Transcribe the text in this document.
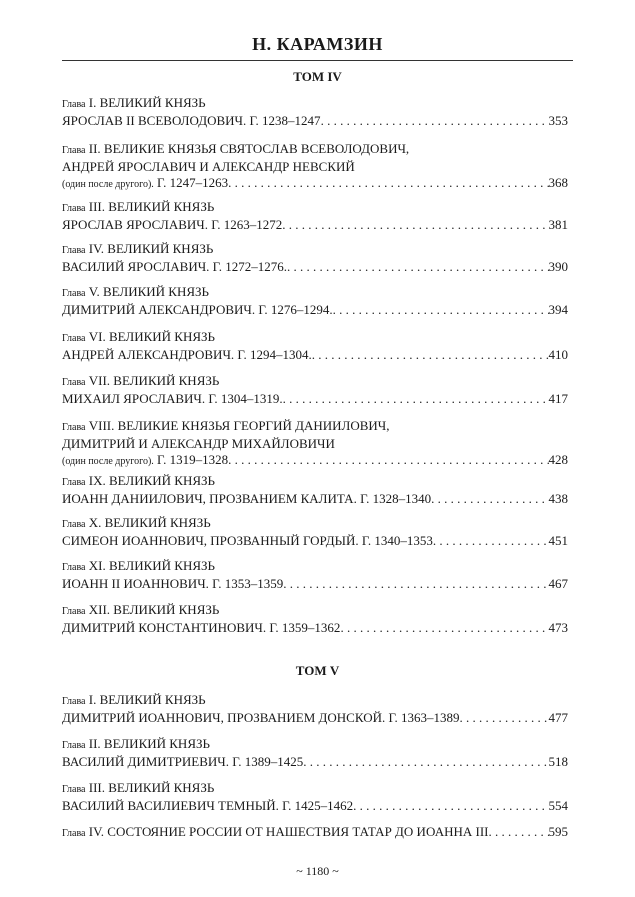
Н. КАРАМЗИН
ТОМ IV
Глава I. ВЕЛИКИЙ КНЯЗЬ
ЯРОСЛАВ II ВСЕВОЛОДОВИЧ. Г. 1238–1247 . . .	353
Глава II. ВЕЛИКИЕ КНЯЗЬЯ СВЯТОСЛАВ ВСЕВОЛОДОВИЧ,
АНДРЕЙ ЯРОСЛАВИЧ И АЛЕКСАНДР НЕВСКИЙ
(один после другого). Г. 1247–1263 . . .	368
Глава III. ВЕЛИКИЙ КНЯЗЬ
ЯРОСЛАВ ЯРОСЛАВИЧ. Г. 1263–1272 . . .	381
Глава IV. ВЕЛИКИЙ КНЯЗЬ
ВАСИЛИЙ ЯРОСЛАВИЧ. Г. 1272–1276. . . .	390
Глава V. ВЕЛИКИЙ КНЯЗЬ
ДИМИТРИЙ АЛЕКСАНДРОВИЧ. Г. 1276–1294. . . .	394
Глава VI. ВЕЛИКИЙ КНЯЗЬ
АНДРЕЙ АЛЕКСАНДРОВИЧ. Г. 1294–1304. . . .	410
Глава VII. ВЕЛИКИЙ КНЯЗЬ
МИХАИЛ ЯРОСЛАВИЧ. Г. 1304–1319. . . .	417
Глава VIII. ВЕЛИКИЕ КНЯЗЬЯ ГЕОРГИЙ ДАНИИЛОВИЧ,
ДИМИТРИЙ И АЛЕКСАНДР МИХАЙЛОВИЧИ
(один после другого). Г. 1319–1328 . . .	428
Глава IX. ВЕЛИКИЙ КНЯЗЬ
ИОАНН ДАНИИЛОВИЧ, ПРОЗВАНИЕМ КАЛИТА. Г. 1328–1340 . . .	438
Глава X. ВЕЛИКИЙ КНЯЗЬ
СИМЕОН ИОАННОВИЧ, ПРОЗВАННЫЙ ГОРДЫЙ. Г. 1340–1353 . . .	451
Глава XI. ВЕЛИКИЙ КНЯЗЬ
ИОАНН II ИОАННОВИЧ. Г. 1353–1359 . . .	467
Глава XII. ВЕЛИКИЙ КНЯЗЬ
ДИМИТРИЙ КОНСТАНТИНОВИЧ. Г. 1359–1362 . . .	473
ТОМ V
Глава I. ВЕЛИКИЙ КНЯЗЬ
ДИМИТРИЙ ИОАННОВИЧ, ПРОЗВАНИЕМ ДОНСКОЙ. Г. 1363–1389 . . .	477
Глава II. ВЕЛИКИЙ КНЯЗЬ
ВАСИЛИЙ ДИМИТРИЕВИЧ. Г. 1389–1425 . . .	518
Глава III. ВЕЛИКИЙ КНЯЗЬ
ВАСИЛИЙ ВАСИЛИЕВИЧ ТЕМНЫЙ. Г. 1425–1462 . . .	554
Глава IV. СОСТОЯНИЕ РОССИИ ОТ НАШЕСТВИЯ ТАТАР ДО ИОАННА III . . .	595
~ 1180 ~
